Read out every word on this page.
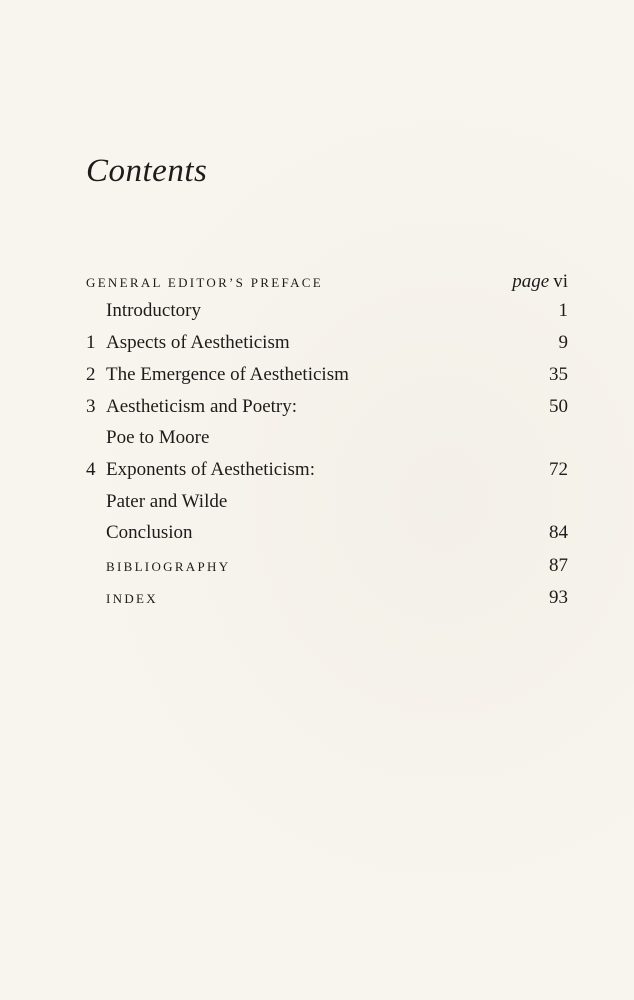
Contents
GENERAL EDITOR’S PREFACE	page vi
Introductory	1
1 Aspects of Aestheticism	9
2 The Emergence of Aestheticism	35
3 Aestheticism and Poetry:	50
Poe to Moore
4 Exponents of Aestheticism:	72
Pater and Wilde
Conclusion	84
BIBLIOGRAPHY	87
INDEX	93
